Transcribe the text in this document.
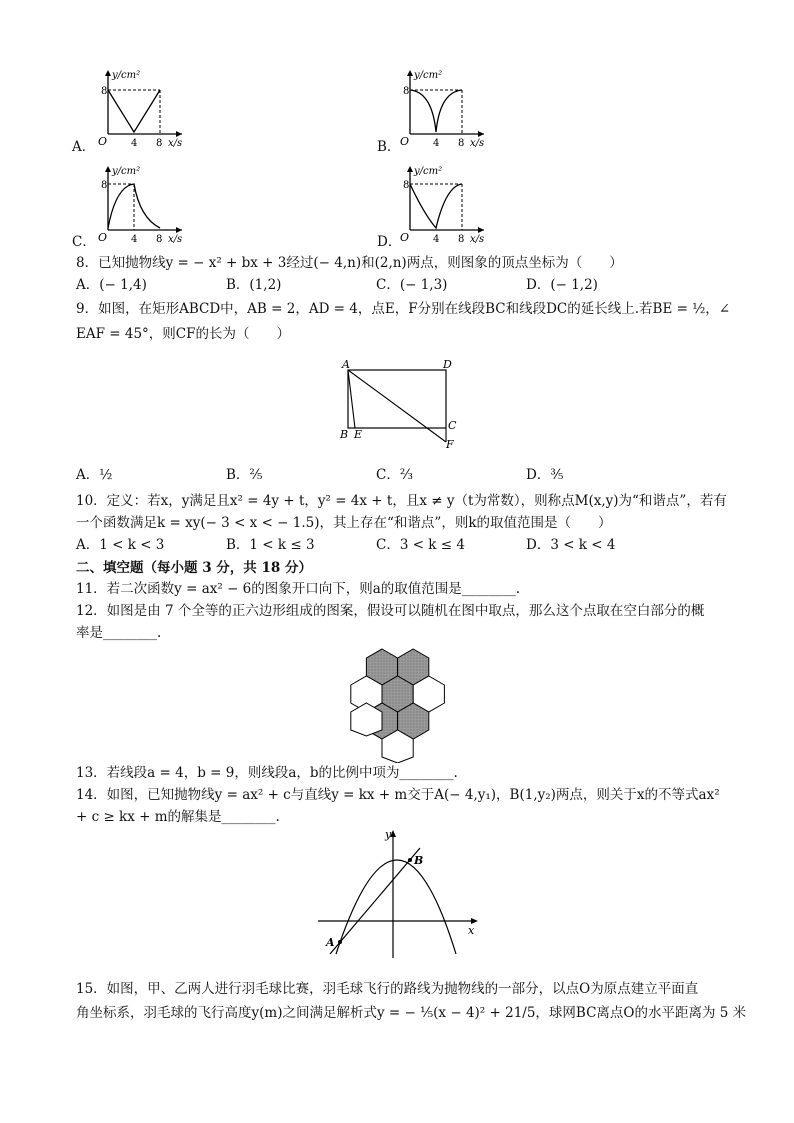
y/cm²
8
O 4 8 x/s
A．
y/cm²
8
O 4 8 x/s
B．
y/cm²
8
O 4 8 x/s
C．
y/cm²
8
O 4 8 x/s
D．
8．已知抛物线y = − x² + bx + 3经过(− 4,n)和(2,n)两点，则图象的顶点坐标为（　　）
A．(− 1,4)	B．(1,2)	C．(− 1,3)	D．(− 1,2)
9．如图，在矩形ABCD中，AB = 2，AD = 4，点E，F分别在线段BC和线段DC的延长线上.若BE = ½，∠
EAF = 45°，则CF的长为（　　）
A	D
B E
C
F
A．½	B．⅖	C．⅔	D．⅗
10．定义：若x，y满足且x² = 4y + t，y² = 4x + t，且x ≠ y（t为常数），则称点M(x,y)为“和谐点”，若有
一个函数满足k = xy(− 3 < x < − 1.5)，其上存在“和谐点”，则k的取值范围是（　　）
A．1 < k < 3	B．1 < k ≤ 3	C．3 < k ≤ 4	D．3 < k < 4
二、填空题（每小题 3 分，共 18 分）
11．若二次函数y = ax² − 6的图象开口向下，则a的取值范围是________.
12．如图是由 7 个全等的正六边形组成的图案，假设可以随机在图中取点，那么这个点取在空白部分的概
率是________.
13．若线段a = 4，b = 9，则线段a，b的比例中项为________.
14．如图，已知抛物线y = ax² + c与直线y = kx + m交于A(− 4,y₁)，B(1,y₂)两点，则关于x的不等式ax²
+ c ≥ kx + m的解集是________.
y
x
A
B
15．如图，甲、乙两人进行羽毛球比赛，羽毛球飞行的路线为抛物线的一部分，以点O为原点建立平面直
角坐标系，羽毛球的飞行高度y(m)之间满足解析式y = − ⅕(x − 4)² + 21/5，球网BC离点O的水平距离为 5 米
